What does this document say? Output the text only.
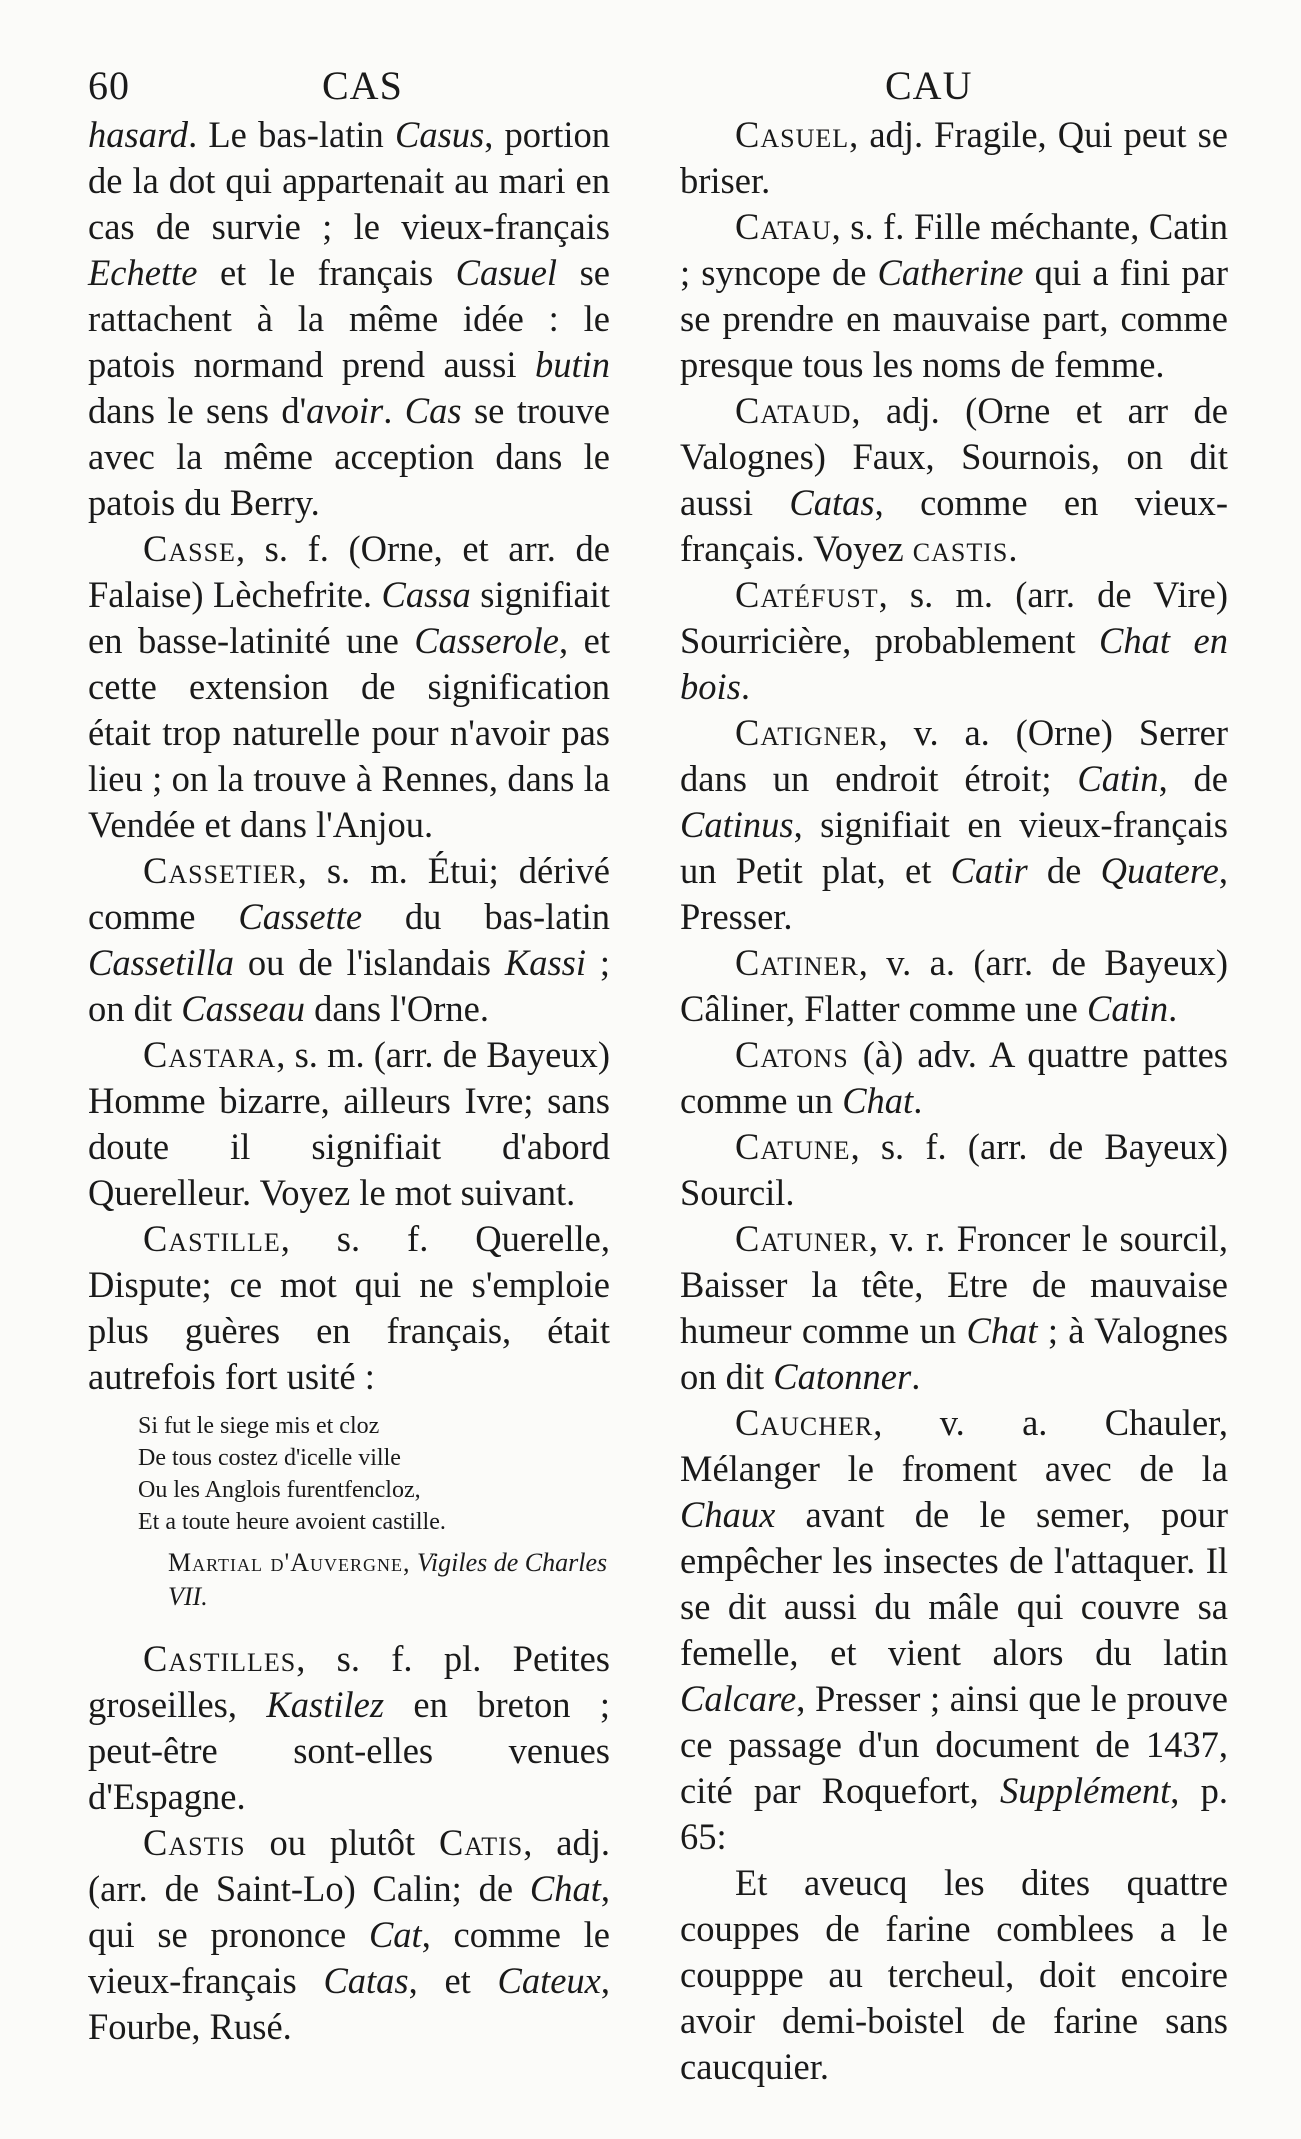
60	CAS	CAU

hasard. Le bas-latin Casus, portion de la dot qui appartenait au mari en cas de survie ; le vieux-français Echette et le français Casuel se rattachent à la même idée : le patois normand prend aussi butin dans le sens d'avoir. Cas se trouve avec la même acception dans le patois du Berry.

Casse, s. f. (Orne, et arr. de Falaise) Lèchefrite. Cassa signifiait en basse-latinité une Casserole, et cette extension de signification était trop naturelle pour n'avoir pas lieu ; on la trouve à Rennes, dans la Vendée et dans l'Anjou.

Cassetier, s. m. Étui; dérivé comme Cassette du bas-latin Cassetilla ou de l'islandais Kassi ; on dit Casseau dans l'Orne.

Castara, s. m. (arr. de Bayeux) Homme bizarre, ailleurs Ivre; sans doute il signifiait d'abord Querelleur. Voyez le mot suivant.

Castille, s. f. Querelle, Dispute; ce mot qui ne s'emploie plus guères en français, était autrefois fort usité :

Si fut le siege mis et cloz
De tous costez d'icelle ville
Ou les Anglois furentfencloz,
Et a toute heure avoient castille.
Martial d'Auvergne, Vigiles de Charles VII.

Castilles, s. f. pl. Petites groseilles, Kastilez en breton ; peut-être sont-elles venues d'Espagne.

Castis ou plutôt Catis, adj. (arr. de Saint-Lo) Calin; de Chat, qui se prononce Cat, comme le vieux-français Catas, et Cateux, Fourbe, Rusé.

Casuel, adj. Fragile, Qui peut se briser.

Catau, s. f. Fille méchante, Catin ; syncope de Catherine qui a fini par se prendre en mauvaise part, comme presque tous les noms de femme.

Cataud, adj. (Orne et arr de Valognes) Faux, Sournois, on dit aussi Catas, comme en vieux-français. Voyez castis.

Catéfust, s. m. (arr. de Vire) Sourricière, probablement Chat en bois.

Catigner, v. a. (Orne) Serrer dans un endroit étroit; Catin, de Catinus, signifiait en vieux-français un Petit plat, et Catir de Quatere, Presser.

Catiner, v. a. (arr. de Bayeux) Câliner, Flatter comme une Catin.

Catons (à) adv. A quattre pattes comme un Chat.

Catune, s. f. (arr. de Bayeux) Sourcil.

Catuner, v. r. Froncer le sourcil, Baisser la tête, Etre de mauvaise humeur comme un Chat ; à Valognes on dit Catonner.

Caucher, v. a. Chauler, Mélanger le froment avec de la Chaux avant de le semer, pour empêcher les insectes de l'attaquer. Il se dit aussi du mâle qui couvre sa femelle, et vient alors du latin Calcare, Presser ; ainsi que le prouve ce passage d'un document de 1437, cité par Roquefort, Supplément, p. 65:

Et aveucq les dites quattre couppes de farine comblees a le coupppe au tercheul, doit encoire avoir demi-boistel de farine sans caucquier.
